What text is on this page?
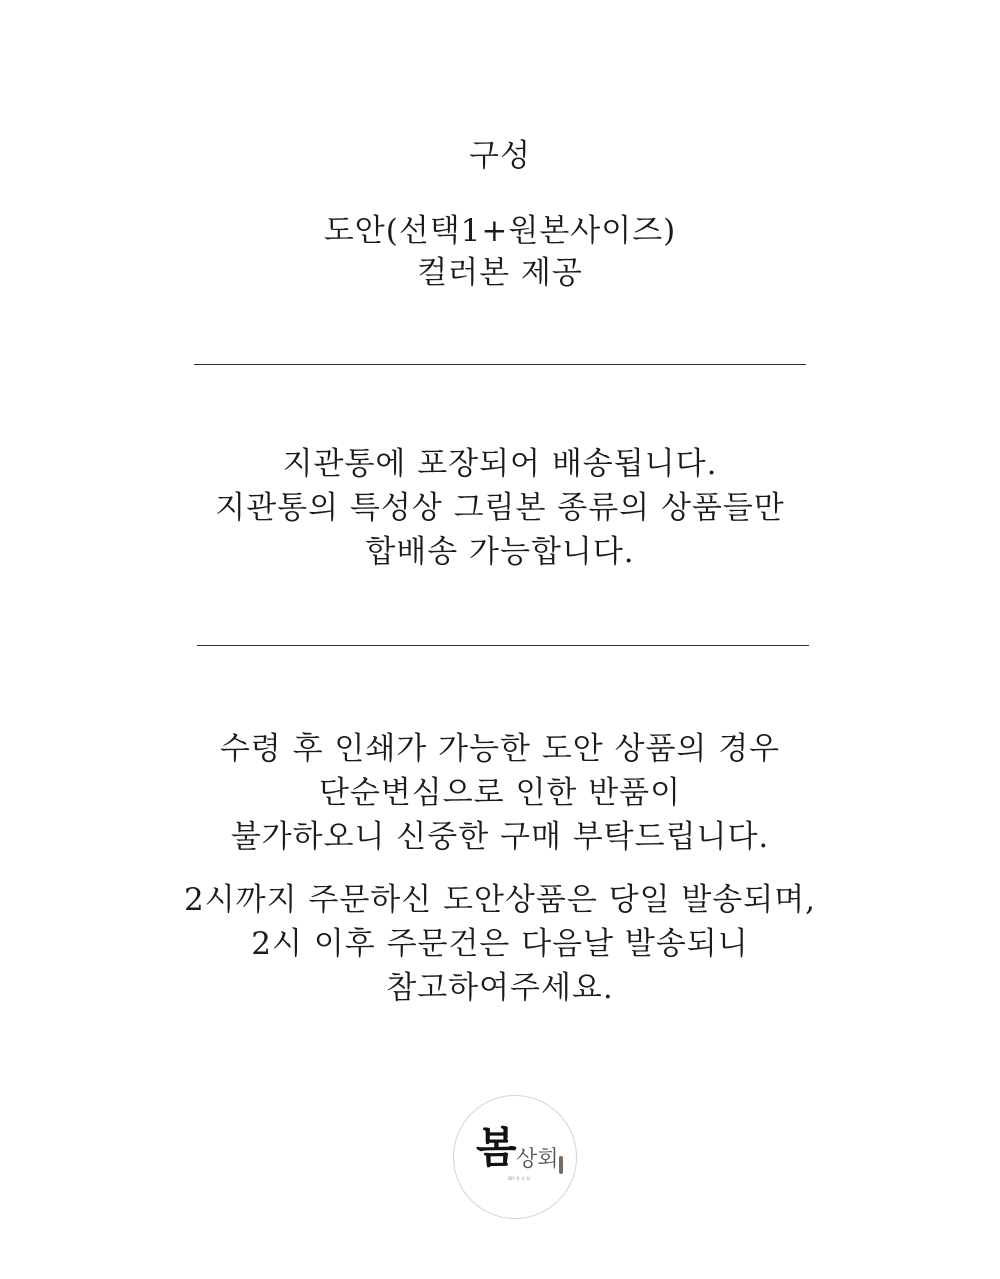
구성
도안(선택1+원본사이즈)
컬러본 제공
지관통에 포장되어 배송됩니다.
지관통의 특성상 그림본 종류의 상품들만
합배송 가능합니다.
수령 후 인쇄가 가능한 도안 상품의 경우
단순변심으로 인한 반품이
불가하오니 신중한 구매 부탁드립니다.
2시까지 주문하신 도안상품은 당일 발송되며,
2시 이후 주문건은 다음날 발송되니
참고하여주세요.
봄 상회
DIY 봄 상 회
